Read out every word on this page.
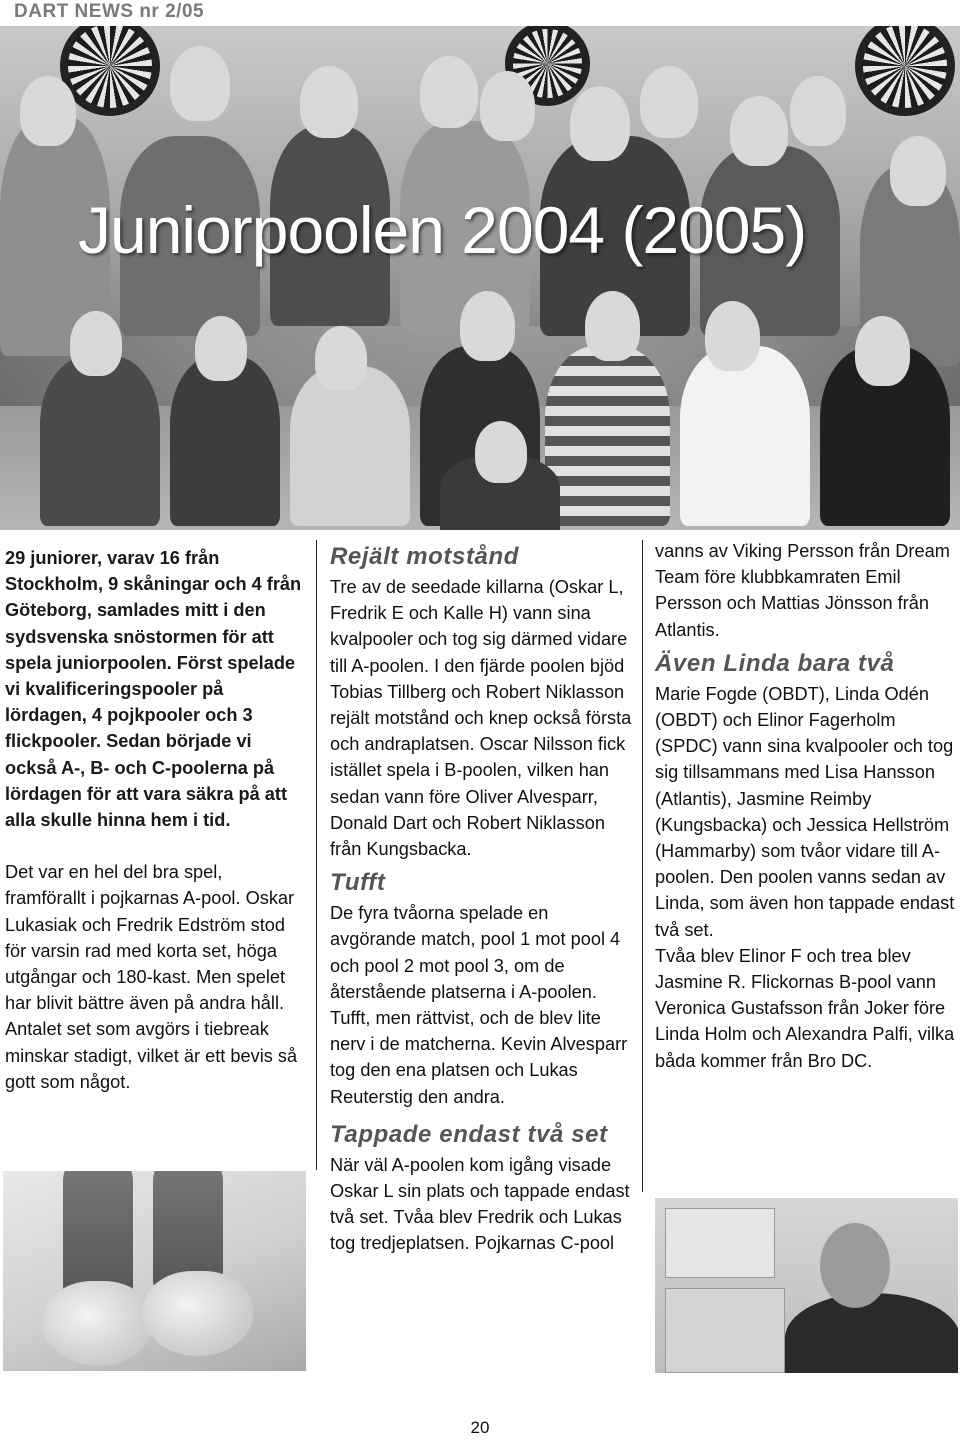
DART NEWS nr 2/05
Juniorpoolen 2004 (2005)
29 juniorer, varav 16 från Stockholm, 9 skåningar och 4 från Göteborg, samlades mitt i den sydsvenska snöstormen för att spela juniorpoolen. Först spelade vi kvalificeringspooler på lördagen, 4 pojkpooler och 3 flickpooler. Sedan började vi också A-, B- och C-poolerna på lördagen för att vara säkra på att alla skulle hinna hem i tid.
Det var en hel del bra spel, framförallt i pojkarnas A-pool. Oskar Lukasiak och Fredrik Edström stod för varsin rad med korta set, höga utgångar och 180-kast. Men spelet har blivit bättre även på andra håll. Antalet set som avgörs i tiebreak minskar stadigt, vilket är ett bevis så gott som något.
Rejält motstånd
Tre av de seedade killarna (Oskar L, Fredrik E och Kalle H) vann sina kvalpooler och tog sig därmed vidare till A-poolen. I den fjärde poolen bjöd Tobias Tillberg och Robert Niklasson rejält motstånd och knep också första och andraplatsen. Oscar Nilsson fick istället spela i B-poolen, vilken han sedan vann före Oliver Alvesparr, Donald Dart och Robert Niklasson från Kungsbacka.
Tufft
De fyra tvåorna spelade en avgörande match, pool 1 mot pool 4 och pool 2 mot pool 3, om de återstående platserna i A-poolen. Tufft, men rättvist, och de blev lite nerv i de matcherna. Kevin Alvesparr tog den ena platsen och Lukas Reuterstig den andra.
Tappade endast två set
När väl A-poolen kom igång visade Oskar L sin plats och tappade endast två set. Tvåa blev Fredrik och Lukas tog tredjeplatsen. Pojkarnas C-pool
vanns av Viking Persson från Dream Team före klubbkamraten Emil Persson och Mattias Jönsson från Atlantis.
Även Linda bara två
Marie Fogde (OBDT), Linda Odén (OBDT) och Elinor Fagerholm (SPDC) vann sina kvalpooler och tog sig tillsammans med Lisa Hansson (Atlantis), Jasmine Reimby (Kungsbacka) och Jessica Hellström (Hammarby) som tvåor vidare till A-poolen. Den poolen vanns sedan av Linda, som även hon tappade endast två set.
Tvåa blev Elinor F och trea blev Jasmine R. Flickornas B-pool vann Veronica Gustafsson från Joker före Linda Holm och Alexandra Palfi, vilka båda kommer från Bro DC.
20
